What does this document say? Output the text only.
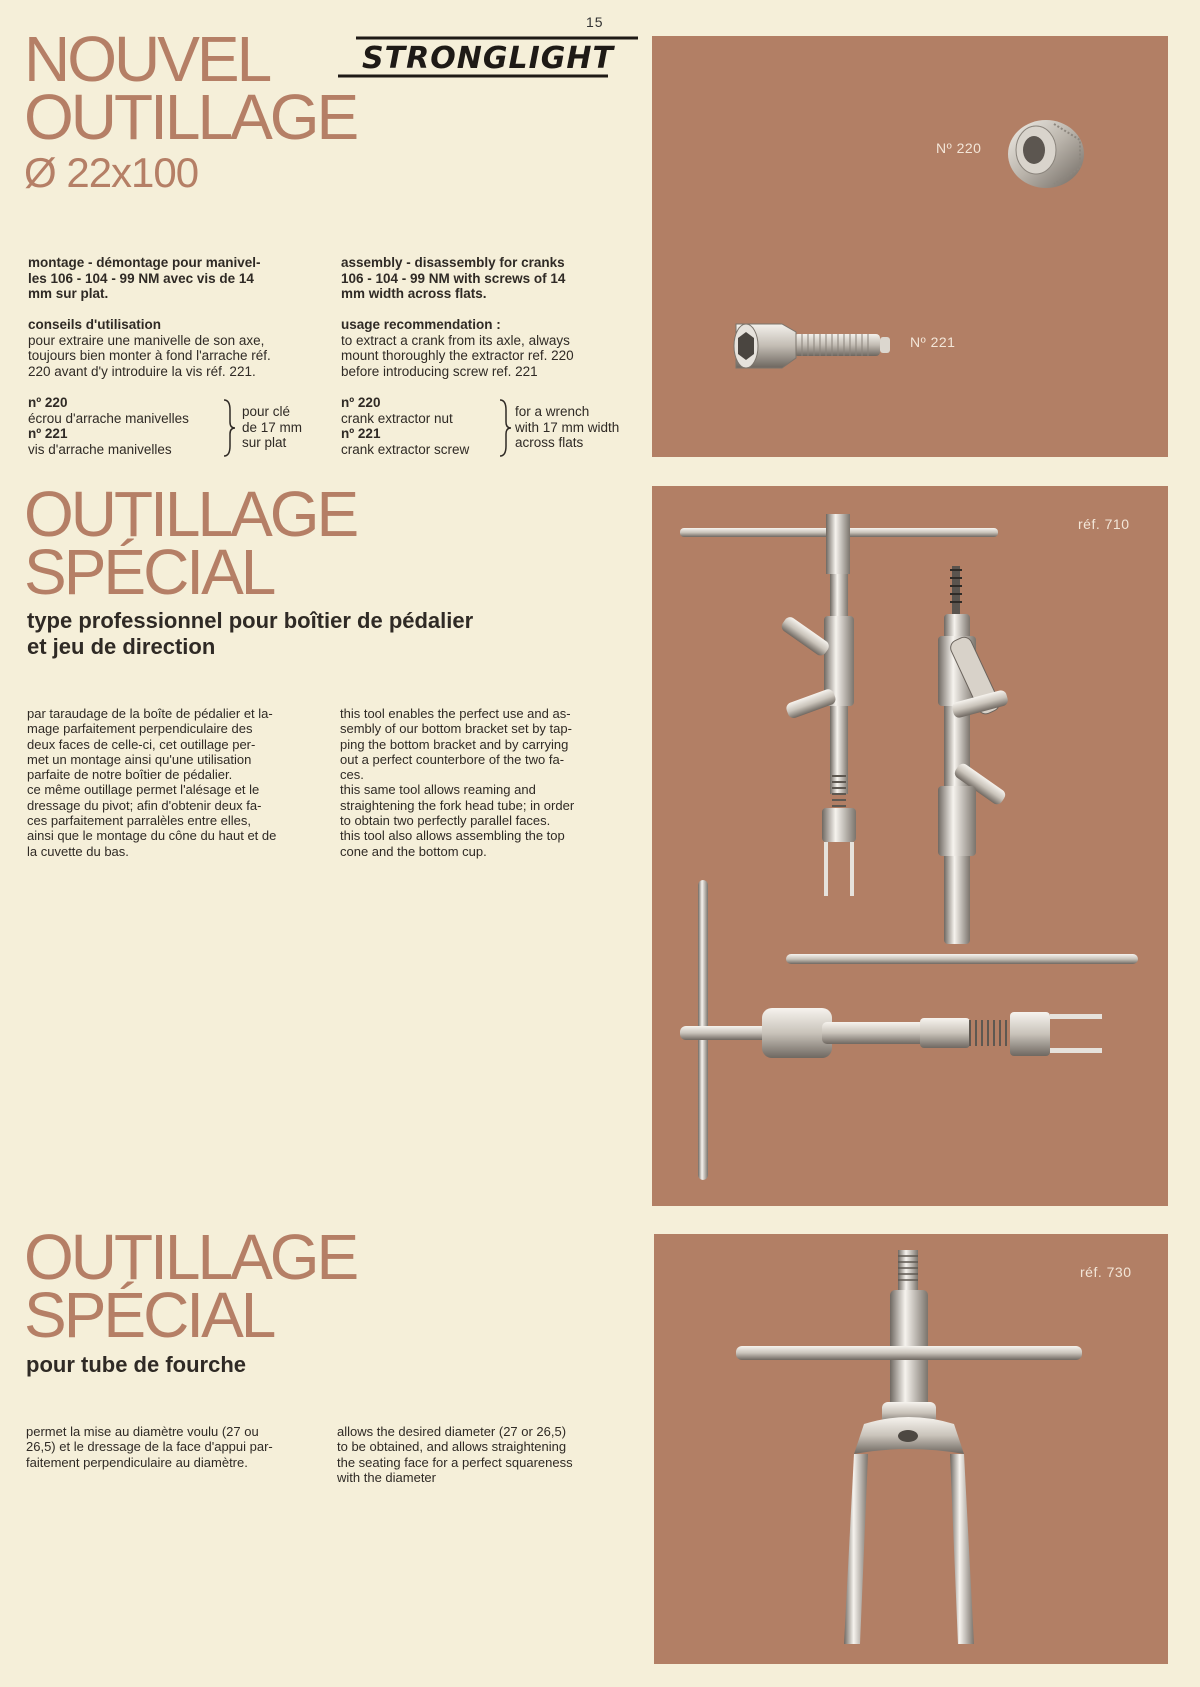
15
NOUVEL
OUTILLAGE
Ø 22x100
STRONGLIGHT
Nº 220
Nº 221
montage - démontage pour manivel-
les 106 - 104 - 99 NM avec vis de 14
mm sur plat.
assembly - disassembly for cranks
106 - 104 - 99 NM with screws of 14
mm width across flats.
conseils d'utilisation
pour extraire une manivelle de son axe,
toujours bien monter à fond l'arrache réf.
220 avant d'y introduire la vis réf. 221.
usage recommendation :
to extract a crank from its axle, always
mount thoroughly the extractor ref. 220
before introducing screw ref. 221
nº 220
écrou d'arrache manivelles
nº 221
vis d'arrache manivelles
pour clé
de 17 mm
sur plat
nº 220
crank extractor nut
nº 221
crank extractor screw
for a wrench
with 17 mm width
across flats
OUTILLAGE
SPÉCIAL
type professionnel pour boîtier de pédalier
et jeu de direction
par taraudage de la boîte de pédalier et la-
mage parfaitement perpendiculaire des
deux faces de celle-ci, cet outillage per-
met un montage ainsi qu'une utilisation
parfaite de notre boîtier de pédalier.
ce même outillage permet l'alésage et le
dressage du pivot; afin d'obtenir deux fa-
ces parfaitement parralèles entre elles,
ainsi que le montage du cône du haut et de
la cuvette du bas.
this tool enables the perfect use and as-
sembly of our bottom bracket set by tap-
ping the bottom bracket and by carrying
out a perfect counterbore of the two fa-
ces.
this same tool allows reaming and
straightening the fork head tube; in order
to obtain two perfectly parallel faces.
this tool also allows assembling the top
cone and the bottom cup.
réf. 710
OUTILLAGE
SPÉCIAL
pour tube de fourche
permet la mise au diamètre voulu (27 ou
26,5) et le dressage de la face d'appui par-
faitement perpendiculaire au diamètre.
allows the desired diameter (27 or 26,5)
to be obtained, and allows straightening
the seating face for a perfect squareness
with the diameter
réf. 730
